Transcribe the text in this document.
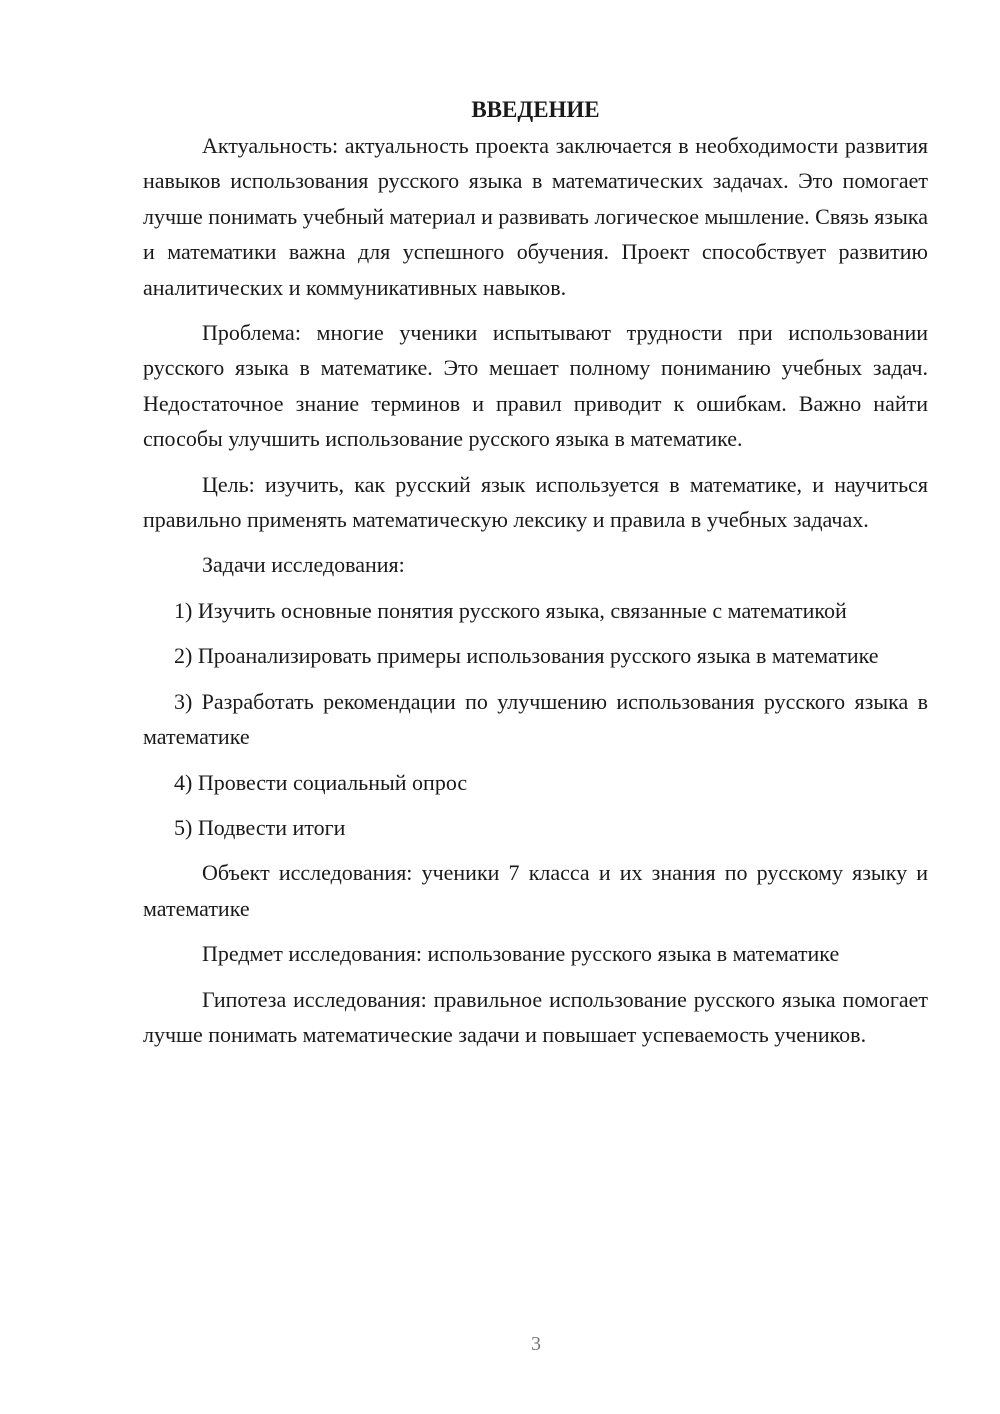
ВВЕДЕНИЕ

Актуальность: актуальность проекта заключается в необходимости развития навыков использования русского языка в математических задачах. Это помогает лучше понимать учебный материал и развивать логическое мышление. Связь языка и математики важна для успешного обучения. Проект способствует развитию аналитических и коммуникативных навыков.

Проблема: многие ученики испытывают трудности при использовании русского языка в математике. Это мешает полному пониманию учебных задач. Недостаточное знание терминов и правил приводит к ошибкам. Важно найти способы улучшить использование русского языка в математике.

Цель: изучить, как русский язык используется в математике, и научиться правильно применять математическую лексику и правила в учебных задачах.

Задачи исследования:

1) Изучить основные понятия русского языка, связанные с математикой

2) Проанализировать примеры использования русского языка в математике

3) Разработать рекомендации по улучшению использования русского языка в математике

4) Провести социальный опрос

5) Подвести итоги

Объект исследования: ученики 7 класса и их знания по русскому языку и математике

Предмет исследования: использование русского языка в математике

Гипотеза исследования: правильное использование русского языка помогает лучше понимать математические задачи и повышает успеваемость учеников.

3
